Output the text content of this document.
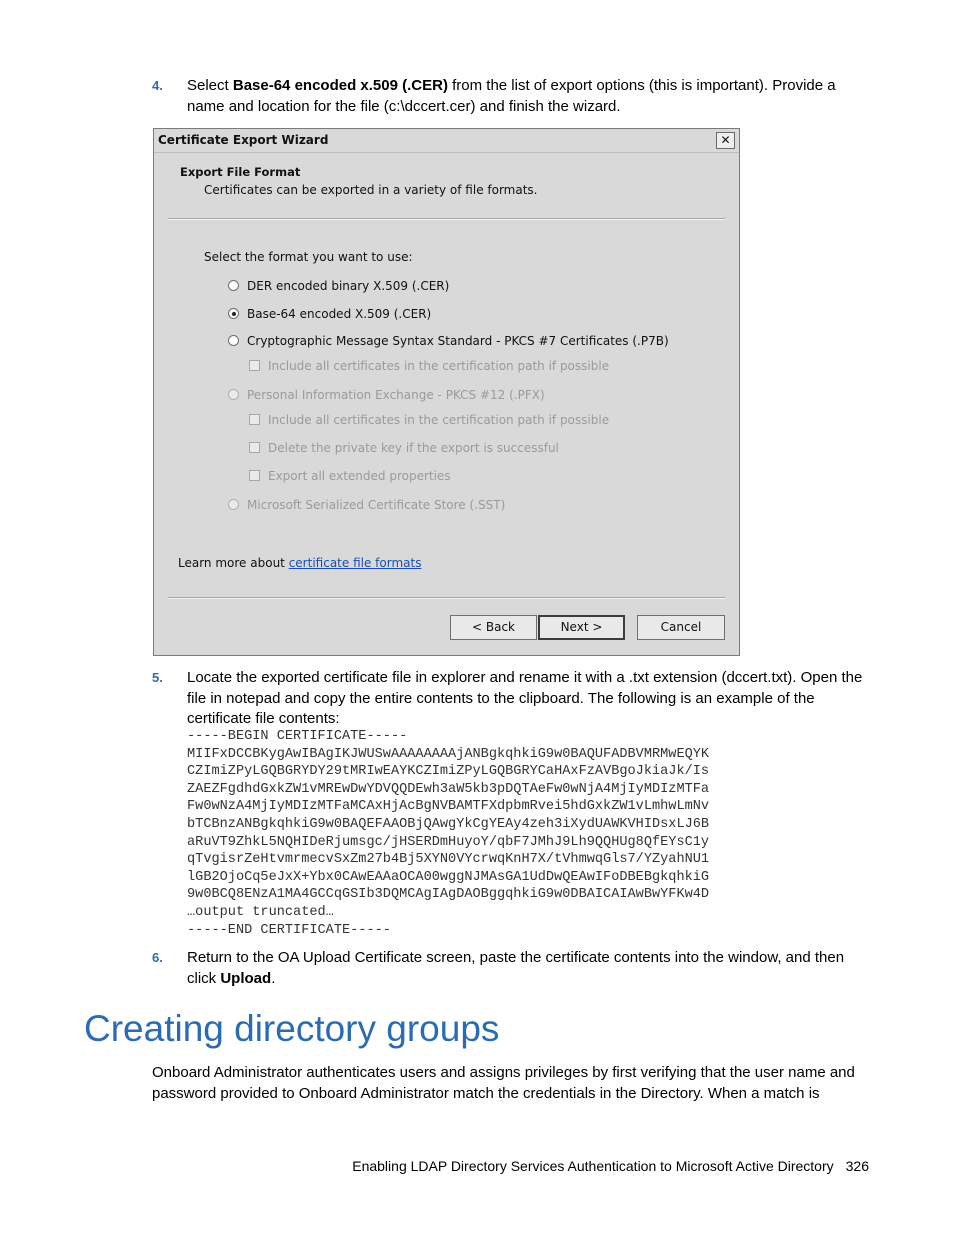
4. Select Base-64 encoded x.509 (.CER) from the list of export options (this is important). Provide a name and location for the file (c:\dccert.cer) and finish the wizard.
Certificate Export Wizard	✕
Export File Format
Certificates can be exported in a variety of file formats.
Select the format you want to use:
DER encoded binary X.509 (.CER)
Base-64 encoded X.509 (.CER)
Cryptographic Message Syntax Standard - PKCS #7 Certificates (.P7B)
Include all certificates in the certification path if possible
Personal Information Exchange - PKCS #12 (.PFX)
Include all certificates in the certification path if possible
Delete the private key if the export is successful
Export all extended properties
Microsoft Serialized Certificate Store (.SST)
Learn more about certificate file formats
< Back	Next >	Cancel
5. Locate the exported certificate file in explorer and rename it with a .txt extension (dccert.txt). Open the file in notepad and copy the entire contents to the clipboard. The following is an example of the certificate file contents:
-----BEGIN CERTIFICATE-----
MIIFxDCCBKygAwIBAgIKJWUSwAAAAAAAAjANBgkqhkiG9w0BAQUFADBVMRMwEQYK
CZImiZPyLGQBGRYDY29tMRIwEAYKCZImiZPyLGQBGRYCaHAxFzAVBgoJkiaJk/Is
ZAEZFgdhdGxkZW1vMREwDwYDVQQDEwh3aW5kb3pDQTAeFw0wNjA4MjIyMDIzMTFa
Fw0wNzA4MjIyMDIzMTFaMCAxHjAcBgNVBAMTFXdpbmRvei5hdGxkZW1vLmhwLmNv
bTCBnzANBgkqhkiG9w0BAQEFAAOBjQAwgYkCgYEAy4zeh3iXydUAWKVHIDsxLJ6B
aRuVT9ZhkL5NQHIDeRjumsgc/jHSERDmHuyoY/qbF7JMhJ9Lh9QQHUg8QfEYsC1y
qTvgisrZeHtvmrmecvSxZm27b4Bj5XYN0VYcrwqKnH7X/tVhmwqGls7/YZyahNU1
lGB2OjoCq5eJxX+Ybx0CAwEAAaOCA00wggNJMAsGA1UdDwQEAwIFoDBEBgkqhkiG
9w0BCQ8ENzA1MA4GCCqGSIb3DQMCAgIAgDAOBggqhkiG9w0DBAICAIAwBwYFKw4D
…output truncated…
-----END CERTIFICATE-----
6. Return to the OA Upload Certificate screen, paste the certificate contents into the window, and then click Upload.
Creating directory groups
Onboard Administrator authenticates users and assigns privileges by first verifying that the user name and password provided to Onboard Administrator match the credentials in the Directory. When a match is
Enabling LDAP Directory Services Authentication to Microsoft Active Directory 326
